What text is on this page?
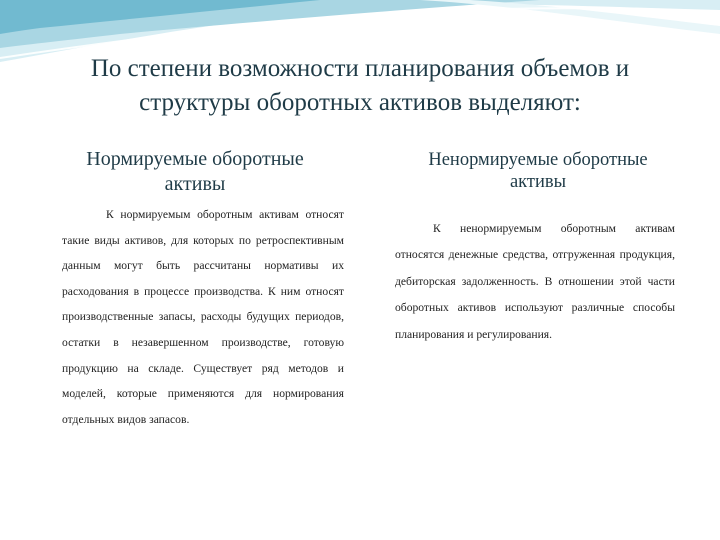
По степени возможности планирования объемов и
структуры оборотных активов выделяют:
Нормируемые оборотные
активы
Ненормируемые оборотные
активы

К нормируемым оборотным активам относят такие виды активов, для которых по ретроспективным данным могут быть рассчитаны нормативы их расходования в процессе производства. К ним относят производственные запасы, расходы будущих периодов, остатки в незавершенном производстве, готовую продукцию на складе. Существует ряд методов и моделей, которые применяются для нормирования отдельных видов запасов.

К ненормируемым оборотным активам относятся денежные средства, отгруженная продукция, дебиторская задолженность. В отношении этой части оборотных активов используют различные способы планирования и регулирования.
